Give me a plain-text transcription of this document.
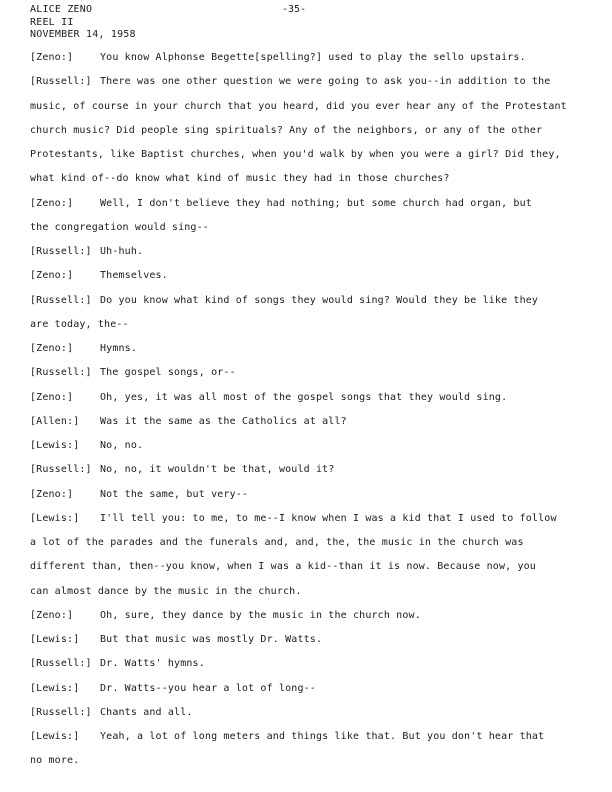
ALICE ZENO
REEL II
NOVEMBER 14, 1958
-35-
[Zeno:]	You know Alphonse Begette[spelling?] used to play the sello upstairs.
[Russell:] There was one other question we were going to ask you--in addition to the
music, of course in your church that you heard, did you ever hear any of the Protestant
church music? Did people sing spirituals? Any of the neighbors, or any of the other
Protestants, like Baptist churches, when you'd walk by when you were a girl? Did they,
what kind of--do know what kind of music they had in those churches?
[Zeno:]	Well, I don't believe they had nothing; but some church had organ, but
the congregation would sing--
[Russell:] Uh-huh.
[Zeno:]	Themselves.
[Russell:] Do you know what kind of songs they would sing? Would they be like they
are today, the--
[Zeno:]	Hymns.
[Russell:] The gospel songs, or--
[Zeno:]	Oh, yes, it was all most of the gospel songs that they would sing.
[Allen:] Was it the same as the Catholics at all?
[Lewis:] No, no.
[Russell:] No, no, it wouldn't be that, would it?
[Zeno:]	Not the same, but very--
[Lewis:] I'll tell you: to me, to me--I know when I was a kid that I used to follow
a lot of the parades and the funerals and, and, the, the music in the church was
different than, then--you know, when I was a kid--than it is now. Because now, you
can almost dance by the music in the church.
[Zeno:]	Oh, sure, they dance by the music in the church now.
[Lewis:] But that music was mostly Dr. Watts.
[Russell:] Dr. Watts' hymns.
[Lewis:] Dr. Watts--you hear a lot of long--
[Russell:] Chants and all.
[Lewis:] Yeah, a lot of long meters and things like that. But you don't hear that
no more.
